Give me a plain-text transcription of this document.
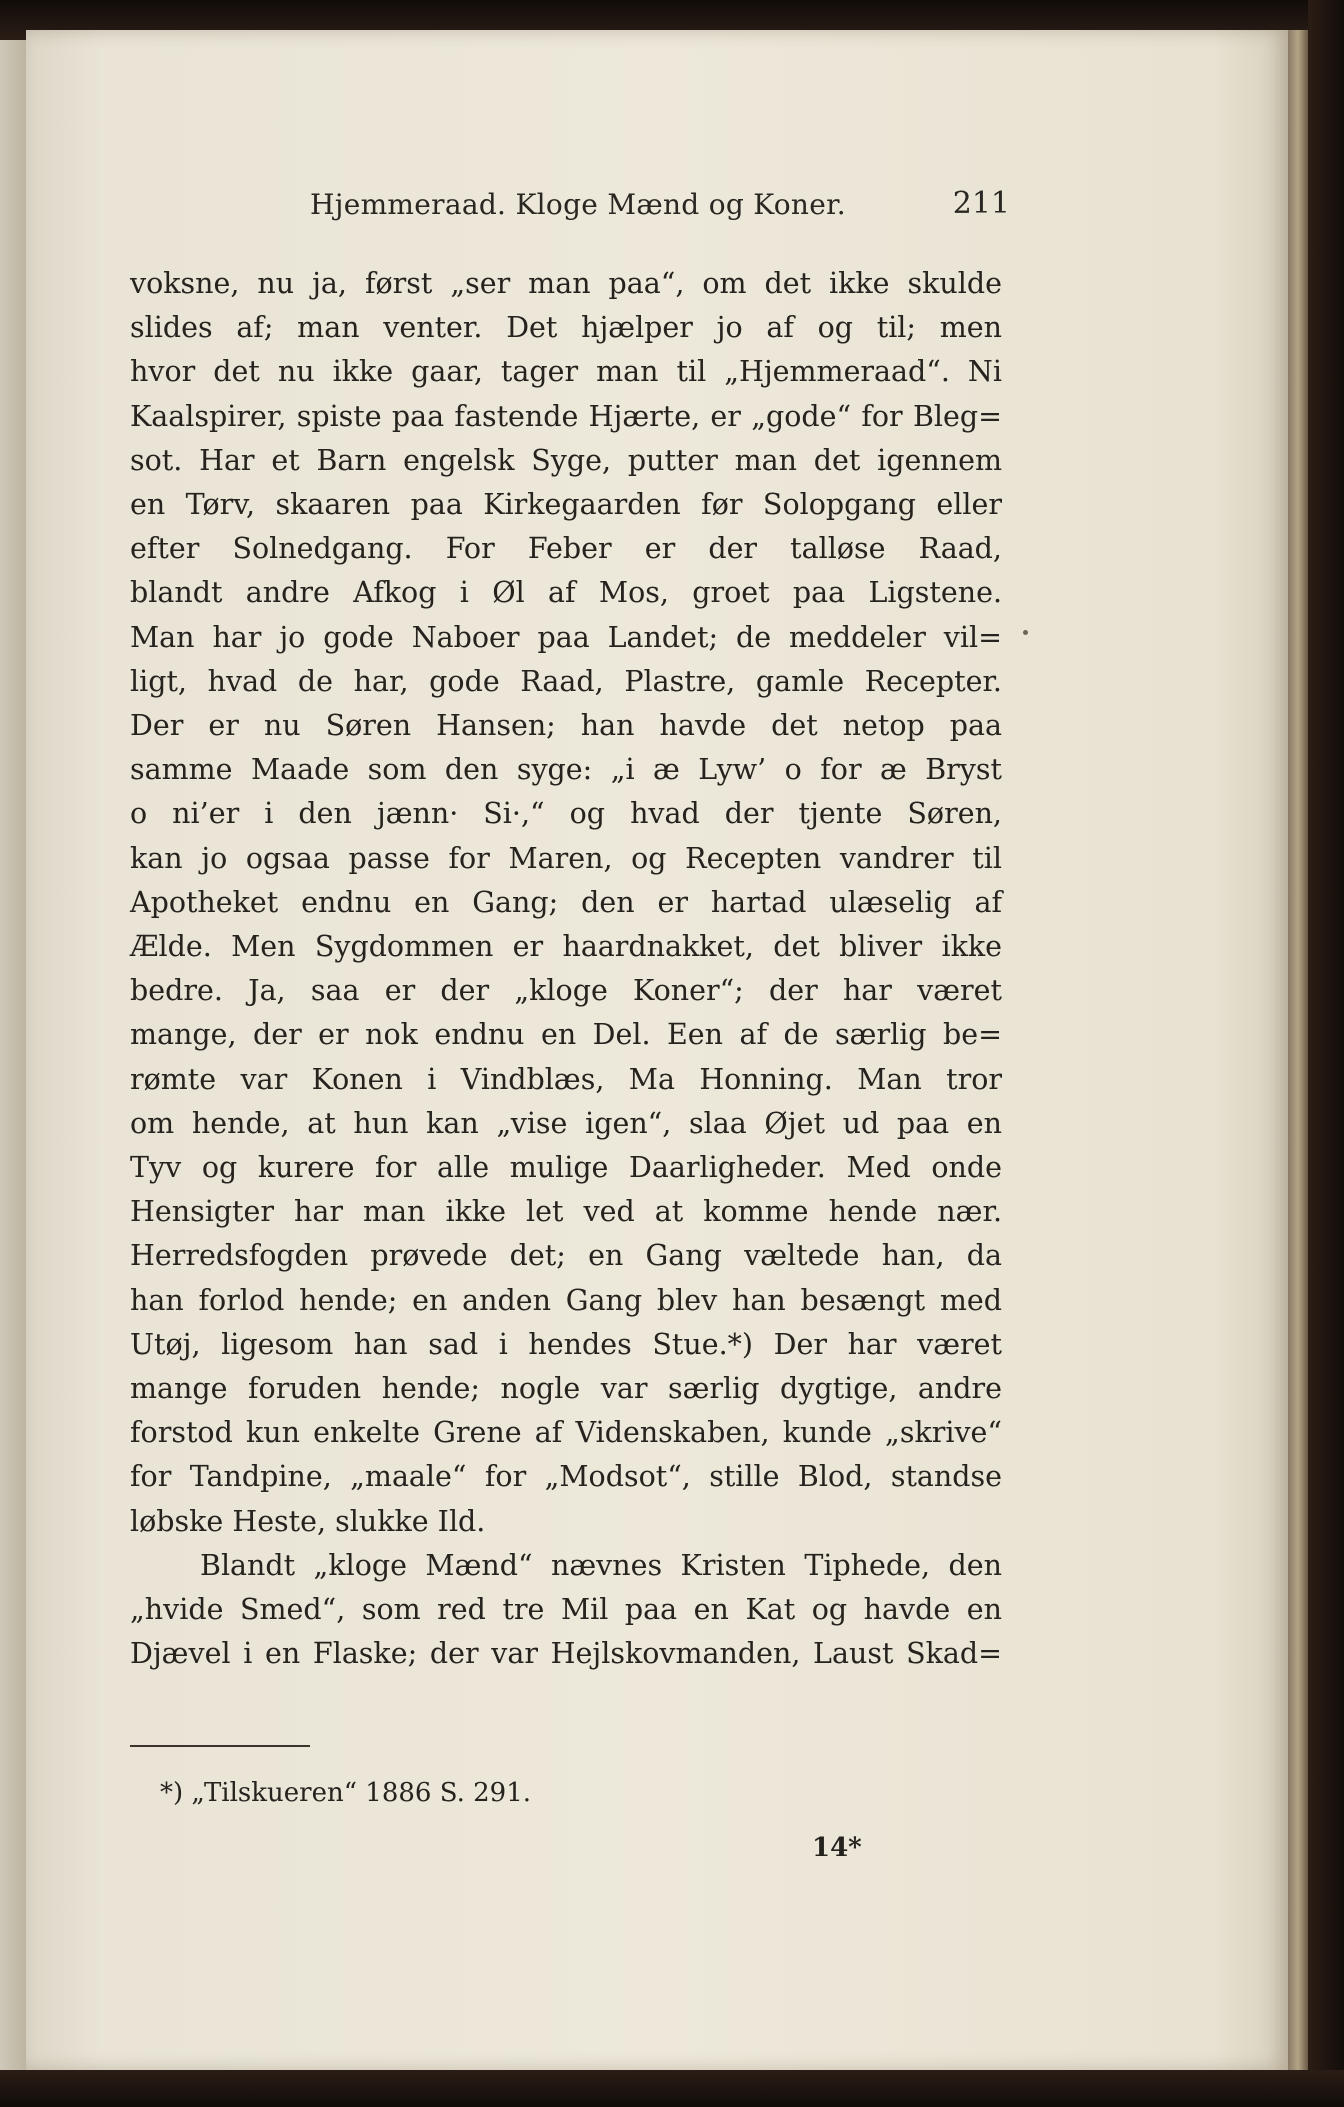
Hjemmeraad. Kloge Mænd og Koner.	211
voksne, nu ja, først „ser man paa“, om det ikke skulde
slides af; man venter. Det hjælper jo af og til; men
hvor det nu ikke gaar, tager man til „Hjemmeraad“. Ni
Kaalspirer, spiste paa fastende Hjærte, er „gode“ for Bleg=
sot. Har et Barn engelsk Syge, putter man det igennem
en Tørv, skaaren paa Kirkegaarden før Solopgang eller
efter Solnedgang. For Feber er der talløse Raad,
blandt andre Afkog i Øl af Mos, groet paa Ligstene.
Man har jo gode Naboer paa Landet; de meddeler vil=
ligt, hvad de har, gode Raad, Plastre, gamle Recepter.
Der er nu Søren Hansen; han havde det netop paa
samme Maade som den syge: „i æ Lyw’ o for æ Bryst
o ni’er i den jænn· Si·,“ og hvad der tjente Søren,
kan jo ogsaa passe for Maren, og Recepten vandrer til
Apotheket endnu en Gang; den er hartad ulæselig af
Ælde. Men Sygdommen er haardnakket, det bliver ikke
bedre. Ja, saa er der „kloge Koner“; der har været
mange, der er nok endnu en Del. Een af de særlig be=
rømte var Konen i Vindblæs, Ma Honning. Man tror
om hende, at hun kan „vise igen“, slaa Øjet ud paa en
Tyv og kurere for alle mulige Daarligheder. Med onde
Hensigter har man ikke let ved at komme hende nær.
Herredsfogden prøvede det; en Gang væltede han, da
han forlod hende; en anden Gang blev han besængt med
Utøj, ligesom han sad i hendes Stue.*) Der har været
mange foruden hende; nogle var særlig dygtige, andre
forstod kun enkelte Grene af Videnskaben, kunde „skrive“
for Tandpine, „maale“ for „Modsot“, stille Blod, standse
løbske Heste, slukke Ild.
Blandt „kloge Mænd“ nævnes Kristen Tiphede, den
„hvide Smed“, som red tre Mil paa en Kat og havde en
Djævel i en Flaske; der var Hejlskovmanden, Laust Skad=
*) „Tilskueren“ 1886 S. 291.
14*
